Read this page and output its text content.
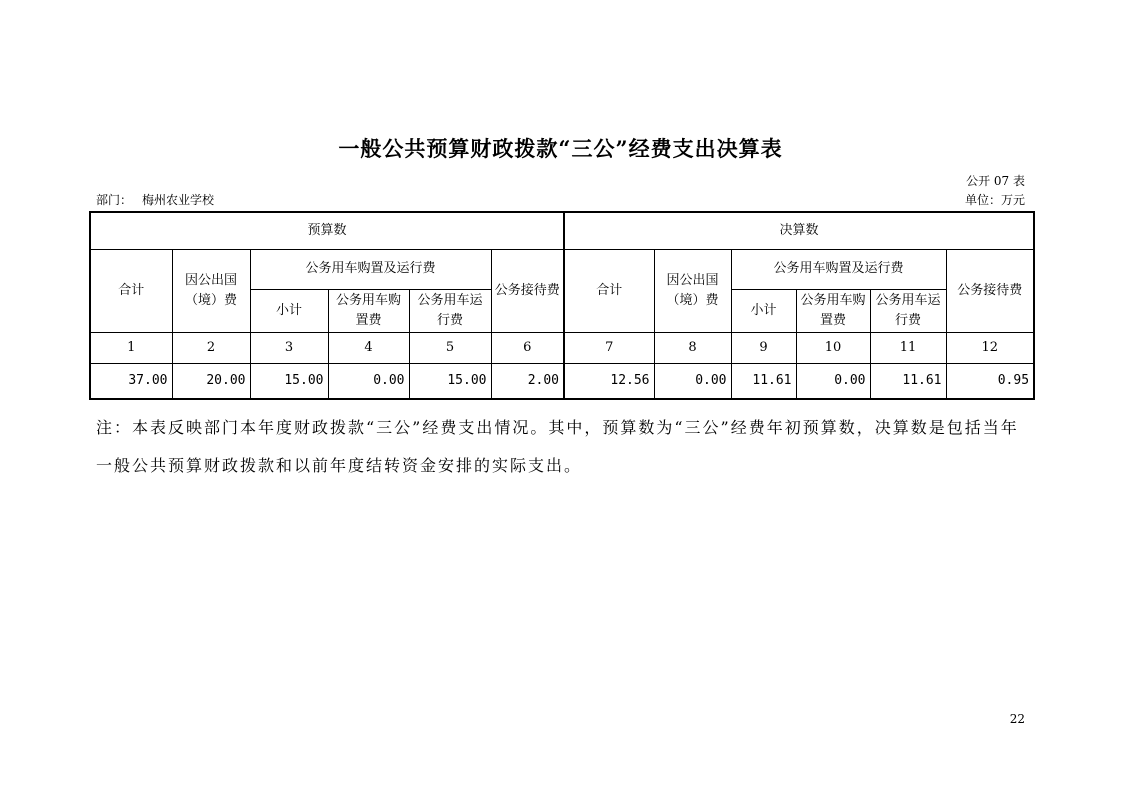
一般公共预算财政拨款“三公”经费支出决算表
公开 07 表
部门： 梅州农业学校	单位：万元
预算数						决算数					
合计	因公出国（境）费	公务用车购置及运行费			公务接待费	合计	因公出国（境）费	公务用车购置及运行费			公务接待费
		小计	公务用车购置费	公务用车运行费				小计	公务用车购置费	公务用车运行费	
1	2	3	4	5	6	7	8	9	10	11	12
37.00	20.00	15.00	0.00	15.00	2.00	12.56	0.00	11.61	0.00	11.61	0.95
注：本表反映部门本年度财政拨款“三公”经费支出情况。其中，预算数为“三公”经费年初预算数，决算数是包括当年一般公共预算财政拨款和以前年度结转资金安排的实际支出。
22
